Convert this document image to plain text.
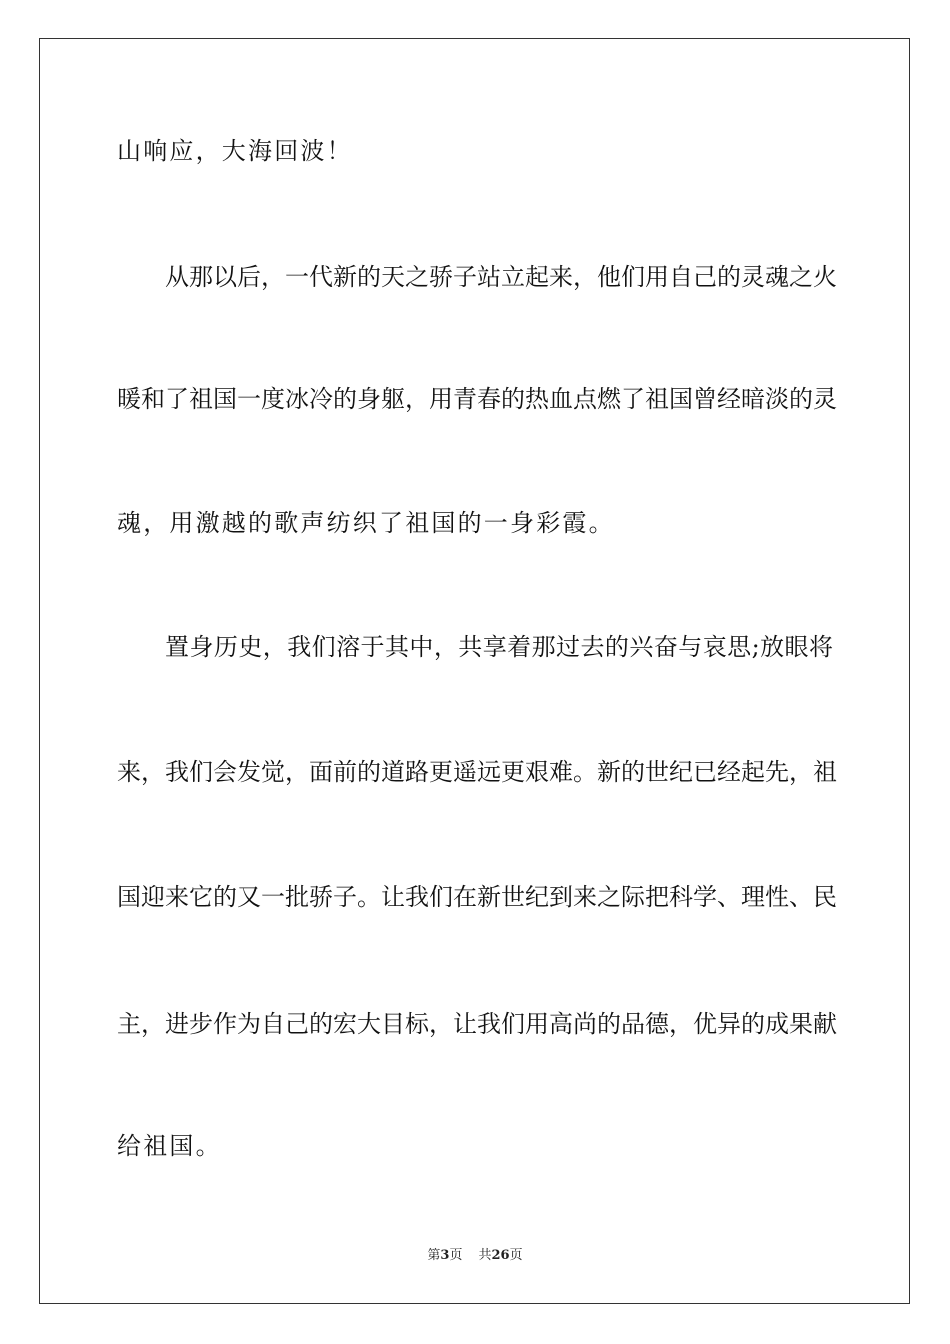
山响应，大海回波！
从那以后，一代新的天之骄子站立起来，他们用自己的灵魂之火
暖和了祖国一度冰冷的身躯，用青春的热血点燃了祖国曾经暗淡的灵
魂，用激越的歌声纺织了祖国的一身彩霞。
置身历史，我们溶于其中，共享着那过去的兴奋与哀思;放眼将
来，我们会发觉，面前的道路更遥远更艰难。新的世纪已经起先，祖
国迎来它的又一批骄子。让我们在新世纪到来之际把科学、理性、民
主，进步作为自己的宏大目标，让我们用高尚的品德，优异的成果献
给祖国。
第3页 共26页
